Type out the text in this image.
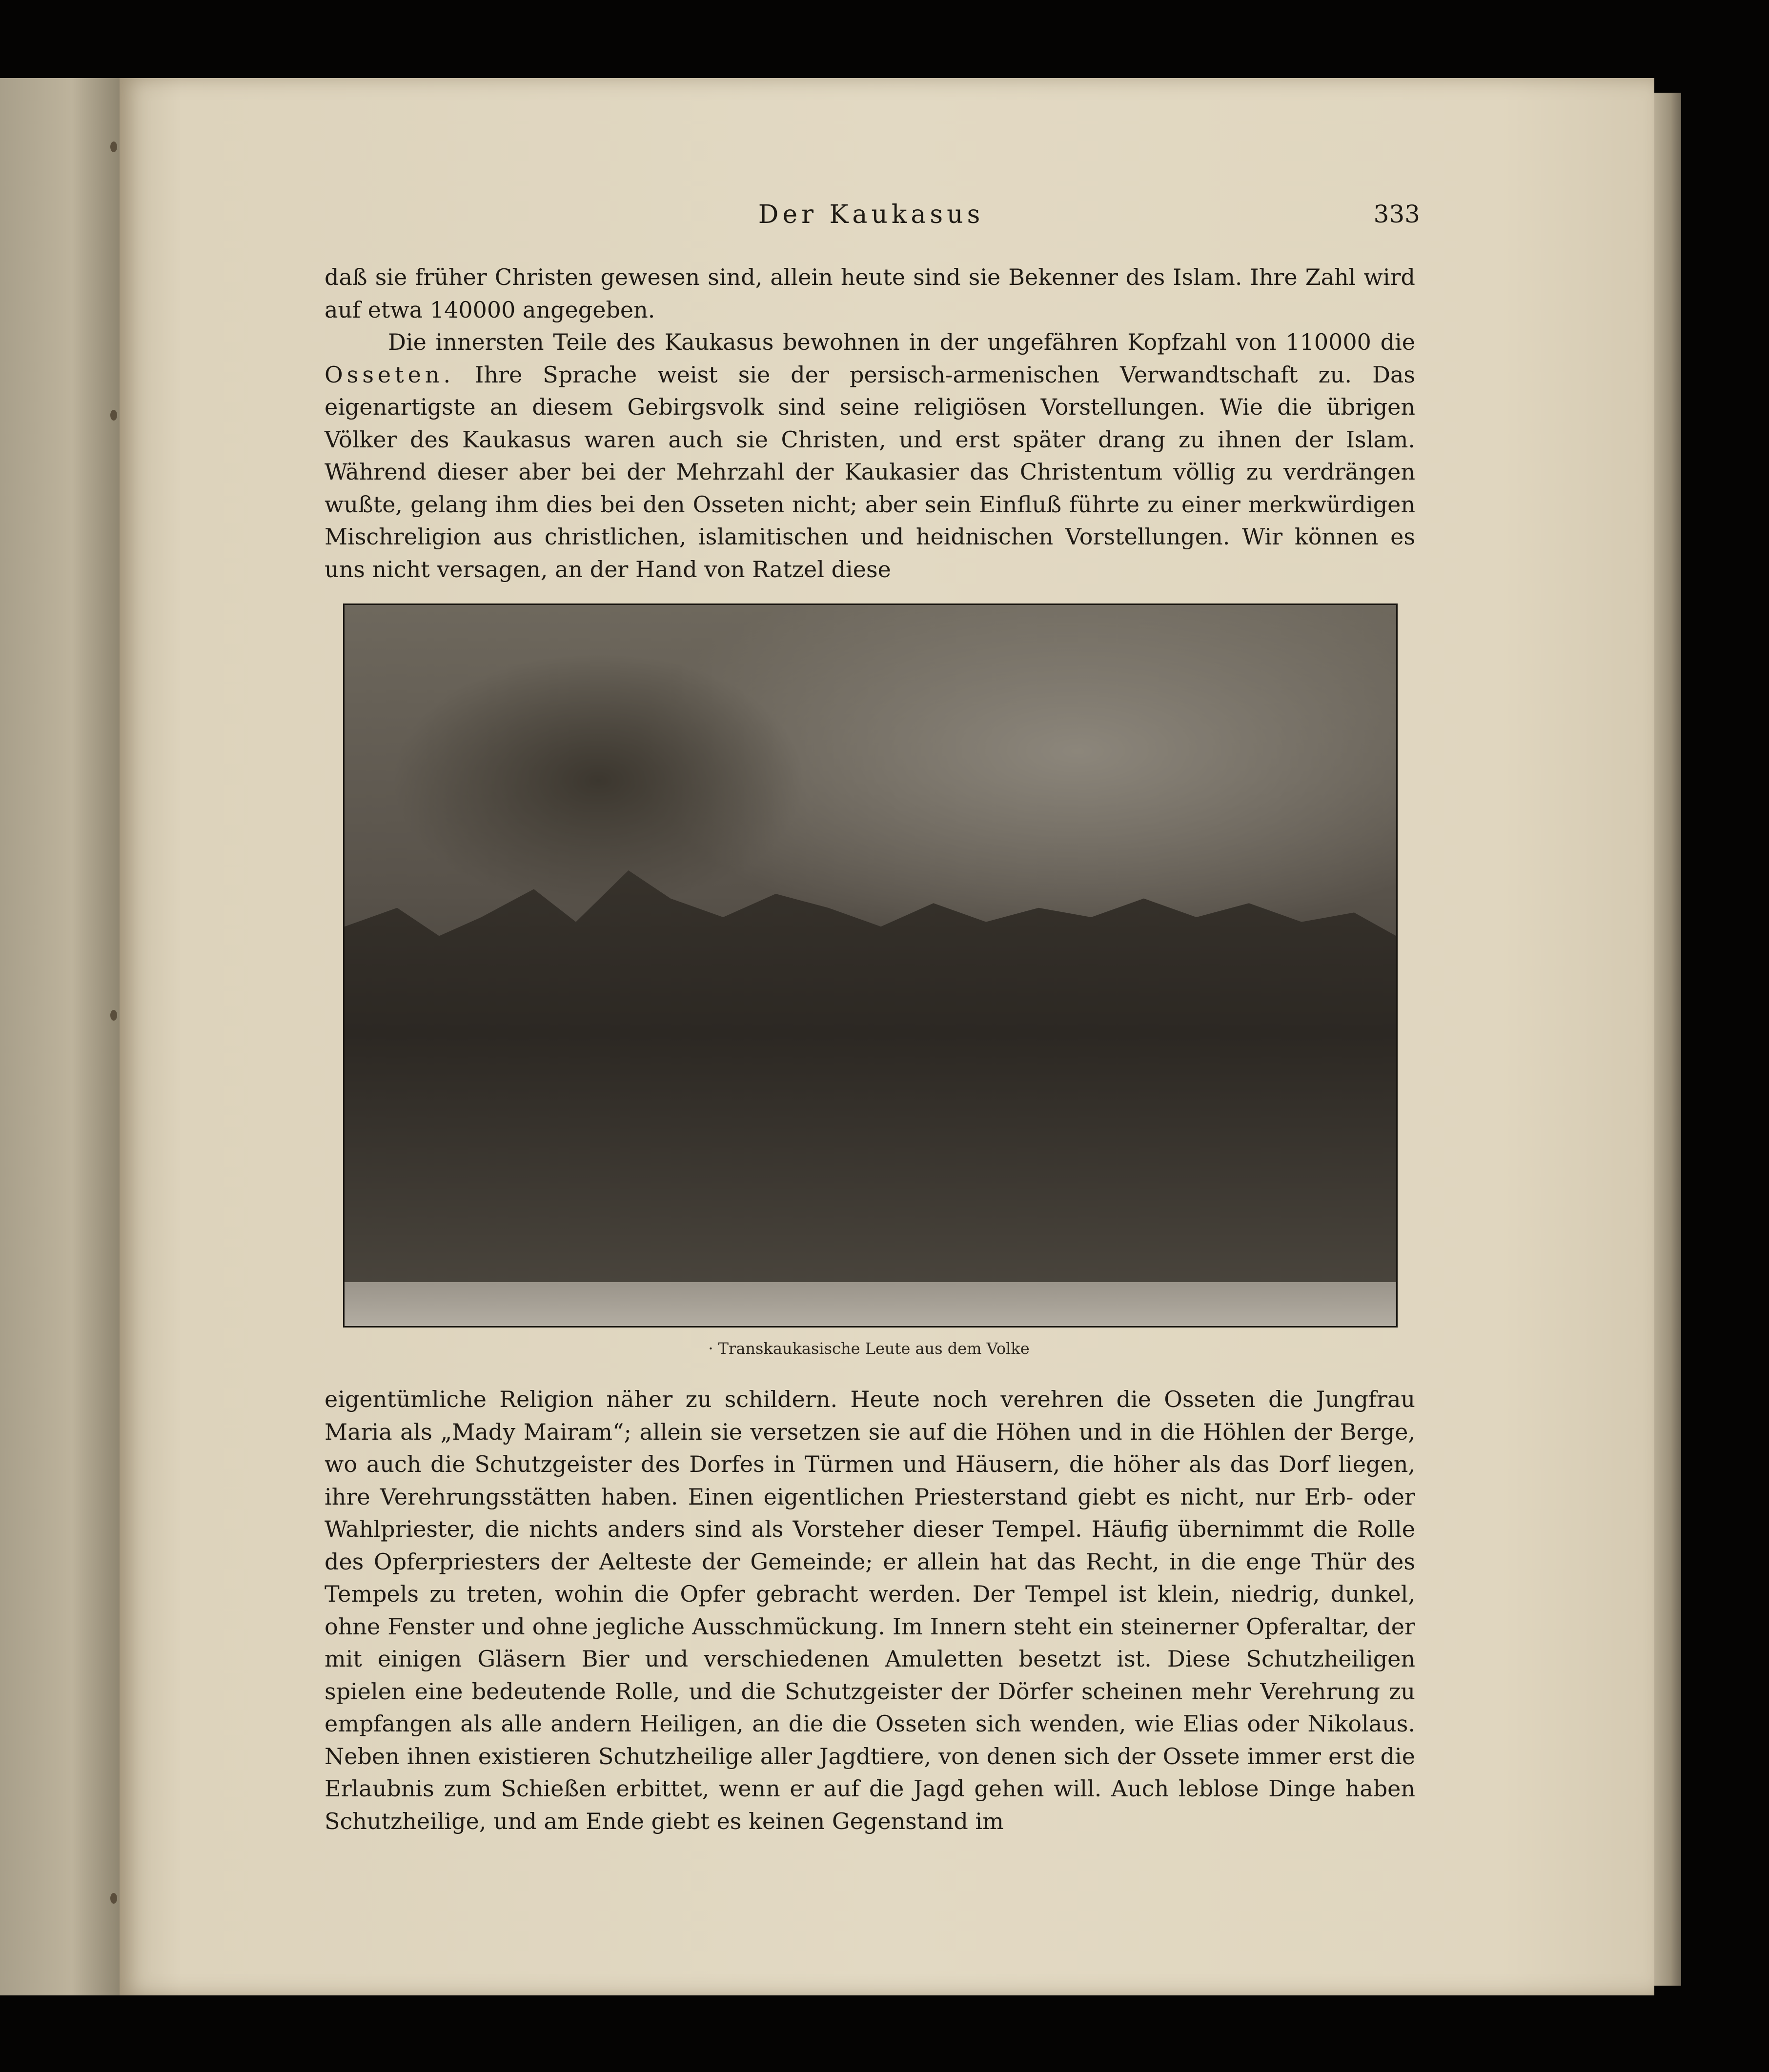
Der Kaukasus	333

daß sie früher Christen gewesen sind, allein heute sind sie Bekenner des Islam. Ihre Zahl wird auf etwa 140000 angegeben.

Die innersten Teile des Kaukasus bewohnen in der ungefähren Kopfzahl von 110000 die Osseten. Ihre Sprache weist sie der persisch-armenischen Verwandtschaft zu. Das eigenartigste an diesem Gebirgsvolk sind seine religiösen Vorstellungen. Wie die übrigen Völker des Kaukasus waren auch sie Christen, und erst später drang zu ihnen der Islam. Während dieser aber bei der Mehrzahl der Kaukasier das Christentum völlig zu verdrängen wußte, gelang ihm dies bei den Osseten nicht; aber sein Einfluß führte zu einer merkwürdigen Mischreligion aus christlichen, islamitischen und heidnischen Vorstellungen. Wir können es uns nicht versagen, an der Hand von Ratzel diese

· Transkaukasische Leute aus dem Volke

eigentümliche Religion näher zu schildern. Heute noch verehren die Osseten die Jungfrau Maria als „Mady Mairam“; allein sie versetzen sie auf die Höhen und in die Höhlen der Berge, wo auch die Schutzgeister des Dorfes in Türmen und Häusern, die höher als das Dorf liegen, ihre Verehrungsstätten haben. Einen eigentlichen Priesterstand giebt es nicht, nur Erb- oder Wahlpriester, die nichts anders sind als Vorsteher dieser Tempel. Häufig übernimmt die Rolle des Opferpriesters der Aelteste der Gemeinde; er allein hat das Recht, in die enge Thür des Tempels zu treten, wohin die Opfer gebracht werden. Der Tempel ist klein, niedrig, dunkel, ohne Fenster und ohne jegliche Ausschmückung. Im Innern steht ein steinerner Opferaltar, der mit einigen Gläsern Bier und verschiedenen Amuletten besetzt ist. Diese Schutzheiligen spielen eine bedeutende Rolle, und die Schutzgeister der Dörfer scheinen mehr Verehrung zu empfangen als alle andern Heiligen, an die die Osseten sich wenden, wie Elias oder Nikolaus. Neben ihnen existieren Schutzheilige aller Jagdtiere, von denen sich der Ossete immer erst die Erlaubnis zum Schießen erbittet, wenn er auf die Jagd gehen will. Auch leblose Dinge haben Schutzheilige, und am Ende giebt es keinen Gegenstand im
